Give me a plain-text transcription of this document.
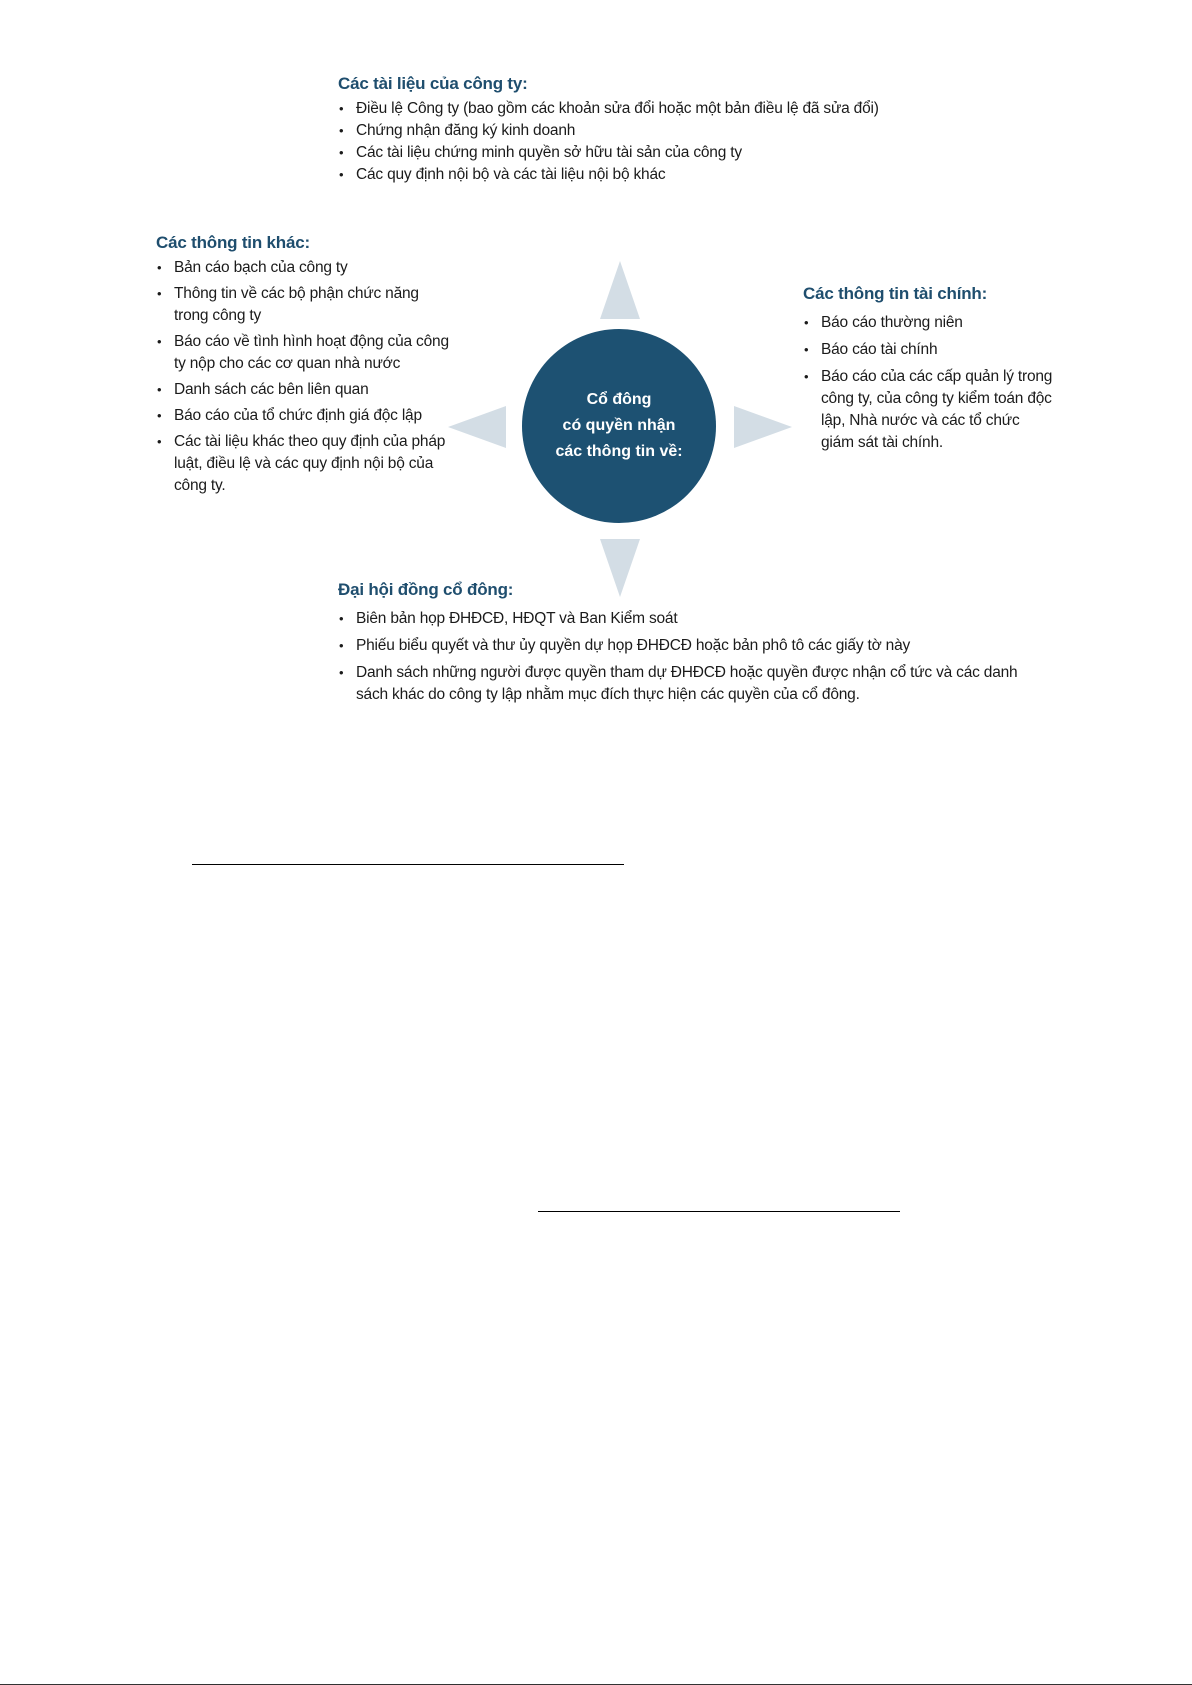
Cổ đông
có quyền nhận
các thông tin về:
Các tài liệu của công ty:
• Điều lệ Công ty (bao gồm các khoản sửa đổi hoặc một bản điều lệ đã sửa đổi)
• Chứng nhận đăng ký kinh doanh
• Các tài liệu chứng minh quyền sở hữu tài sản của công ty
• Các quy định nội bộ và các tài liệu nội bộ khác
Các thông tin khác:
• Bản cáo bạch của công ty
• Thông tin về các bộ phận chức năng trong công ty
• Báo cáo về tình hình hoạt động của công ty nộp cho các cơ quan nhà nước
• Danh sách các bên liên quan
• Báo cáo của tổ chức định giá độc lập
• Các tài liệu khác theo quy định của pháp luật, điều lệ và các quy định nội bộ của công ty.
Các thông tin tài chính:
• Báo cáo thường niên
• Báo cáo tài chính
• Báo cáo của các cấp quản lý trong công ty, của công ty kiểm toán độc lập, Nhà nước và các tổ chức giám sát tài chính.
Đại hội đồng cổ đông:
• Biên bản họp ĐHĐCĐ, HĐQT và Ban Kiểm soát
• Phiếu biểu quyết và thư ủy quyền dự họp ĐHĐCĐ hoặc bản phô tô các giấy tờ này
• Danh sách những người được quyền tham dự ĐHĐCĐ hoặc quyền được nhận cổ tức và các danh sách khác do công ty lập nhằm mục đích thực hiện các quyền của cổ đông.
